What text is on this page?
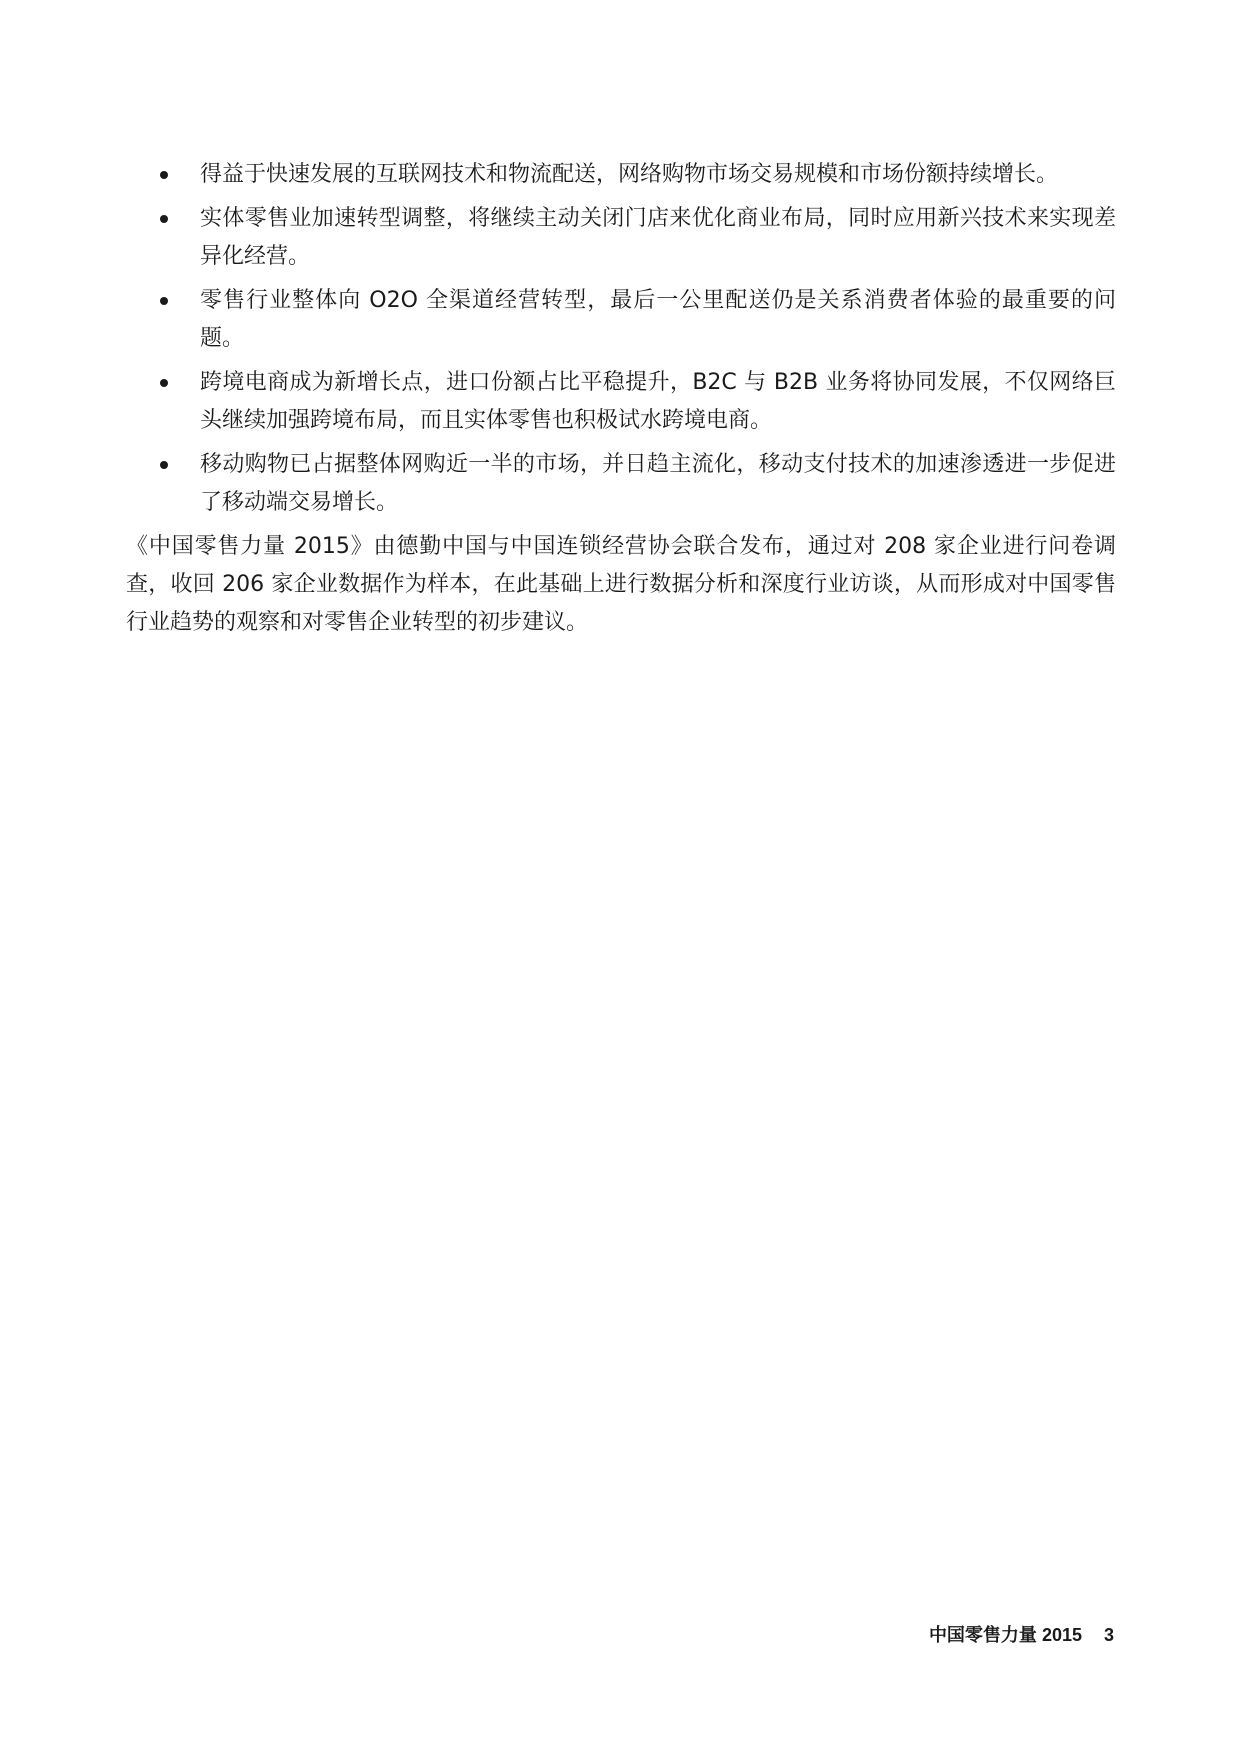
得益于快速发展的互联网技术和物流配送，网络购物市场交易规模和市场份额持续增长。
实体零售业加速转型调整，将继续主动关闭门店来优化商业布局，同时应用新兴技术来实现差异化经营。
零售行业整体向 O2O 全渠道经营转型，最后一公里配送仍是关系消费者体验的最重要的问题。
跨境电商成为新增长点，进口份额占比平稳提升，B2C 与 B2B 业务将协同发展，不仅网络巨头继续加强跨境布局，而且实体零售也积极试水跨境电商。
移动购物已占据整体网购近一半的市场，并日趋主流化，移动支付技术的加速渗透进一步促进了移动端交易增长。

《中国零售力量 2015》由德勤中国与中国连锁经营协会联合发布，通过对 208 家企业进行问卷调查，收回 206 家企业数据作为样本，在此基础上进行数据分析和深度行业访谈，从而形成对中国零售行业趋势的观察和对零售企业转型的初步建议。

中国零售力量 2015 3
